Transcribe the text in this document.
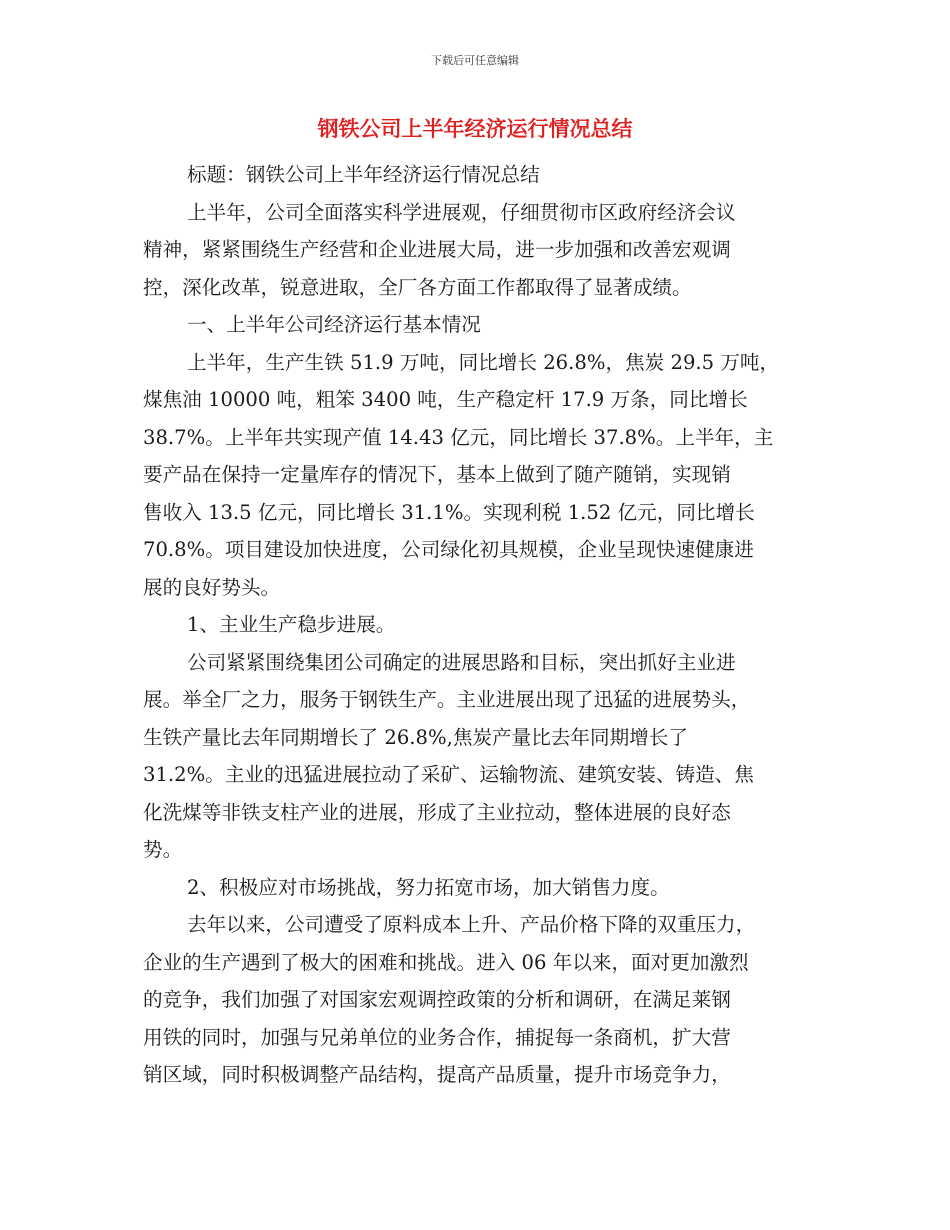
下载后可任意编辑
钢铁公司上半年经济运行情况总结
标题：钢铁公司上半年经济运行情况总结
上半年，公司全面落实科学进展观，仔细贯彻市区政府经济会议
精神，紧紧围绕生产经营和企业进展大局，进一步加强和改善宏观调
控，深化改革，锐意进取，全厂各方面工作都取得了显著成绩。
一、上半年公司经济运行基本情况
上半年，生产生铁 51.9 万吨，同比增长 26.8%，焦炭 29.5 万吨，
煤焦油 10000 吨，粗笨 3400 吨，生产稳定杆 17.9 万条，同比增长
38.7%。上半年共实现产值 14.43 亿元，同比增长 37.8%。上半年，主
要产品在保持一定量库存的情况下，基本上做到了随产随销，实现销
售收入 13.5 亿元，同比增长 31.1%。实现利税 1.52 亿元，同比增长
70.8%。项目建设加快进度，公司绿化初具规模，企业呈现快速健康进
展的良好势头。
1、主业生产稳步进展。
公司紧紧围绕集团公司确定的进展思路和目标，突出抓好主业进
展。举全厂之力，服务于钢铁生产。主业进展出现了迅猛的进展势头，
生铁产量比去年同期增长了 26.8%,焦炭产量比去年同期增长了
31.2%。主业的迅猛进展拉动了采矿、运输物流、建筑安装、铸造、焦
化洗煤等非铁支柱产业的进展，形成了主业拉动，整体进展的良好态
势。
2、积极应对市场挑战，努力拓宽市场，加大销售力度。
去年以来，公司遭受了原料成本上升、产品价格下降的双重压力，
企业的生产遇到了极大的困难和挑战。进入 06 年以来，面对更加激烈
的竞争，我们加强了对国家宏观调控政策的分析和调研，在满足莱钢
用铁的同时，加强与兄弟单位的业务合作，捕捉每一条商机，扩大营
销区域，同时积极调整产品结构，提高产品质量，提升市场竞争力，
